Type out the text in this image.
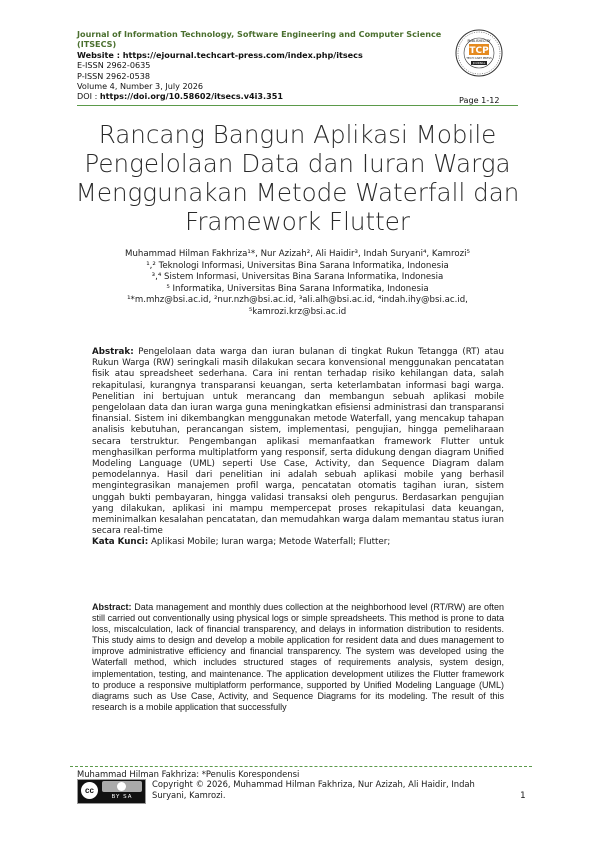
Journal of Information Technology, Software Engineering and Computer Science (ITSECS)
Website : https://ejournal.techcart-press.com/index.php/itsecs
E-ISSN 2962-0635
P-ISSN 2962-0538
Volume 4, Number 3, July 2026
DOI : https://doi.org/10.58602/itsecs.v4i3.351	Page 1-12
PUBLISHED BY
TCP
TECH CART PRESS
JOURNAL
Rancang Bangun Aplikasi Mobile
Pengelolaan Data dan Iuran Warga
Menggunakan Metode Waterfall dan
Framework Flutter
Muhammad Hilman Fakhriza¹*, Nur Azizah², Ali Haidir³, Indah Suryani⁴, Kamrozi⁵
¹,² Teknologi Informasi, Universitas Bina Sarana Informatika, Indonesia
³,⁴ Sistem Informasi, Universitas Bina Sarana Informatika, Indonesia
⁵ Informatika, Universitas Bina Sarana Informatika, Indonesia
¹*m.mhz@bsi.ac.id, ²nur.nzh@bsi.ac.id, ³ali.alh@bsi.ac.id, ⁴indah.ihy@bsi.ac.id,
⁵kamrozi.krz@bsi.ac.id
Abstrak: Pengelolaan data warga dan iuran bulanan di tingkat Rukun Tetangga (RT) atau Rukun Warga (RW) seringkali masih dilakukan secara konvensional menggunakan pencatatan fisik atau spreadsheet sederhana. Cara ini rentan terhadap risiko kehilangan data, salah rekapitulasi, kurangnya transparansi keuangan, serta keterlambatan informasi bagi warga. Penelitian ini bertujuan untuk merancang dan membangun sebuah aplikasi mobile pengelolaan data dan iuran warga guna meningkatkan efisiensi administrasi dan transparansi finansial. Sistem ini dikembangkan menggunakan metode Waterfall, yang mencakup tahapan analisis kebutuhan, perancangan sistem, implementasi, pengujian, hingga pemeliharaan secara terstruktur. Pengembangan aplikasi memanfaatkan framework Flutter untuk menghasilkan performa multiplatform yang responsif, serta didukung dengan diagram Unified Modeling Language (UML) seperti Use Case, Activity, dan Sequence Diagram dalam pemodelannya. Hasil dari penelitian ini adalah sebuah aplikasi mobile yang berhasil mengintegrasikan manajemen profil warga, pencatatan otomatis tagihan iuran, sistem unggah bukti pembayaran, hingga validasi transaksi oleh pengurus. Berdasarkan pengujian yang dilakukan, aplikasi ini mampu mempercepat proses rekapitulasi data keuangan, meminimalkan kesalahan pencatatan, dan memudahkan warga dalam memantau status iuran secara real-time
Kata Kunci: Aplikasi Mobile; Iuran warga; Metode Waterfall; Flutter;
Abstract: Data management and monthly dues collection at the neighborhood level (RT/RW) are often still carried out conventionally using physical logs or simple spreadsheets. This method is prone to data loss, miscalculation, lack of financial transparency, and delays in information distribution to residents. This study aims to design and develop a mobile application for resident data and dues management to improve administrative efficiency and financial transparency. The system was developed using the Waterfall method, which includes structured stages of requirements analysis, system design, implementation, testing, and maintenance. The application development utilizes the Flutter framework to produce a responsive multiplatform performance, supported by Unified Modeling Language (UML) diagrams such as Use Case, Activity, and Sequence Diagrams for its modeling. The result of this research is a mobile application that successfully
Muhammad Hilman Fakhriza: *Penulis Korespondensi
cc
BY SA
Copyright © 2026, Muhammad Hilman Fakhriza, Nur Azizah, Ali Haidir, Indah Suryani, Kamrozi.	1
